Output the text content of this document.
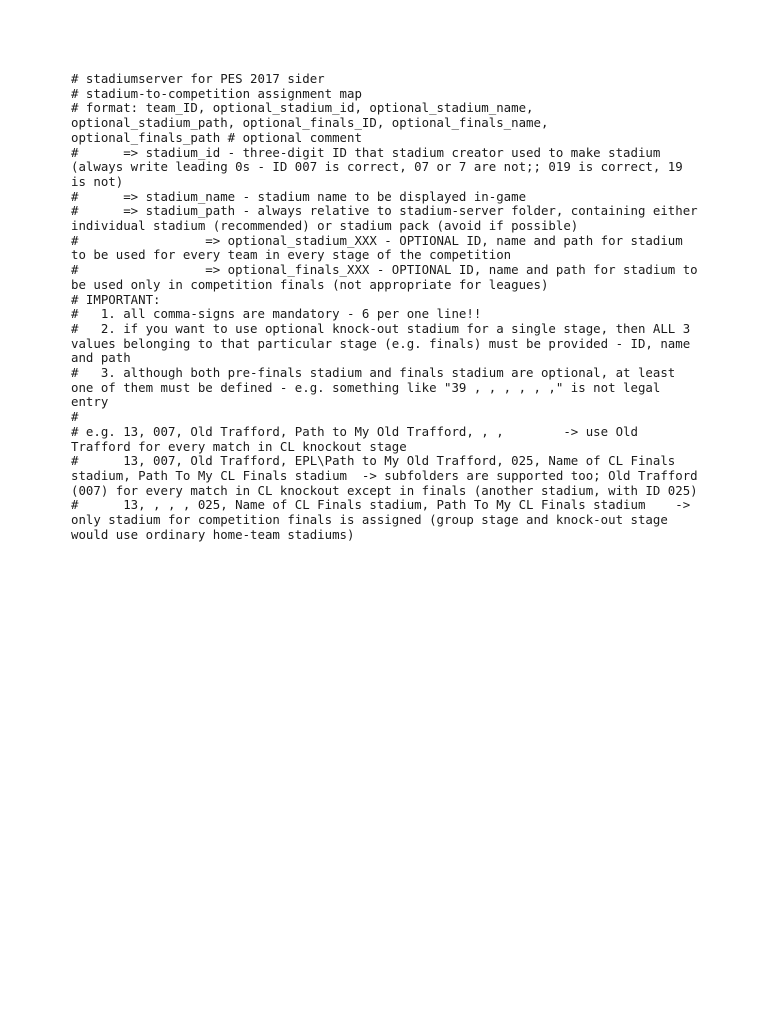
# stadiumserver for PES 2017 sider

# stadium-to-competition assignment map

# format: team_ID, optional_stadium_id, optional_stadium_name, optional_stadium_path, optional_finals_ID, optional_finals_name, optional_finals_path # optional comment

#      => stadium_id - three-digit ID that stadium creator used to make stadium (always write leading 0s - ID 007 is correct, 07 or 7 are not;; 019 is correct, 19 is not)

#      => stadium_name - stadium name to be displayed in-game

#      => stadium_path - always relative to stadium-server folder, containing either individual stadium (recommended) or stadium pack (avoid if possible)

#                 => optional_stadium_XXX - OPTIONAL ID, name and path for stadium to be used for every team in every stage of the competition

#                 => optional_finals_XXX - OPTIONAL ID, name and path for stadium to be used only in competition finals (not appropriate for leagues)

# IMPORTANT:

#   1. all comma-signs are mandatory - 6 per one line!!

#   2. if you want to use optional knock-out stadium for a single stage, then ALL 3 values belonging to that particular stage (e.g. finals) must be provided - ID, name and path

#   3. although both pre-finals stadium and finals stadium are optional, at least one of them must be defined - e.g. something like "39 , , , , , ," is not legal entry

#

# e.g. 13, 007, Old Trafford, Path to My Old Trafford, , ,        -> use Old Trafford for every match in CL knockout stage

#      13, 007, Old Trafford, EPL\Path to My Old Trafford, 025, Name of CL Finals stadium, Path To My CL Finals stadium  -> subfolders are supported too; Old Trafford (007) for every match in CL knockout except in finals (another stadium, with ID 025)

#      13, , , , 025, Name of CL Finals stadium, Path To My CL Finals stadium    -> only stadium for competition finals is assigned (group stage and knock-out stage would use ordinary home-team stadiums)
